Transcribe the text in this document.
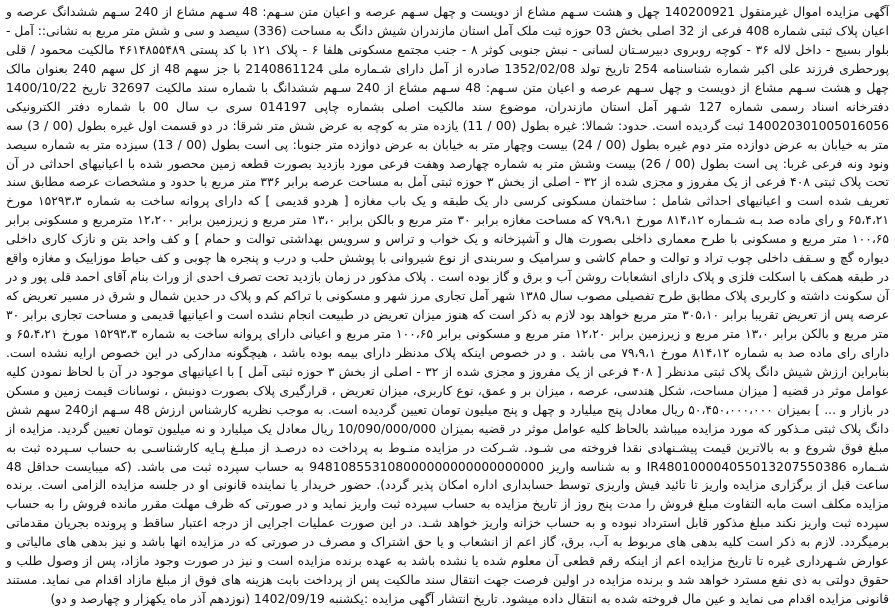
آگهی مزایده اموال غیرمنقول 140200921 چهل و هشت سـهم مشاع از دویست و چهل سـهم عرصه و اعیان متن سـهم: 48 سـهم مشاع از 240 سـهم ششدانگ عرصه و اعیان پلاک ثبتی شماره 408 فرعی از 32 اصلی بخش 03 حوزه ثبت ملک آمل استان مازندران شیش دانگ به مساحت (336) سیصد و سی و شش متر مربع به نشانی:: آمل - بلوار بسیج - داخل لاله ۳۶ - کوچه روبروی دبیرسـتان لسانی - نبش جنوبی کوثر ۸ - جنب مجتمع مسکونی هلفا ۶ - پلاک ۱۲۱ با کد پستی ۴۶۱۴۸۵۵۴۸۹ مالکیت محمود / قلی پورحطری فرزند علی اکبر شماره شناسنامه 254 تاریخ تولد 1352/02/08 صادره از آمل دارای شـماره ملی 2140861124 با جز سهم 48 از کل سهم 240 بعنوان مالک چهل و هشت سـهم مشاع از دویست و چهل سـهم عرصه و اعیان متن سـهم: 48 سـهم مشاع از 240 سـهم ششدانگ با شماره سند مالکیت 32697 تاریخ 1400/10/22 دفترخانه اسناد رسمی شماره 127 شـهر آمل استان مازندران، موضوع سند مالکیت اصلی بشماره چاپی 014197 سری ب سال 00 با شماره دفتر الکترونیکی 140020301005016056 ثبت گردیده است. حدود: شمالا: غیره بطول (00 / 11) یازده متر به کوچه به عرض شش متر شرقا: در دو قسمت اول غیره بطول (00 / 3) سه متر به خیابان به عرض دوازده متر دوم غیره بطول (00 / 24) بیست وچهار متر به خیابان به عرض دوازده متر جنوبا: پی است بطول (00 / 13) سیزده متر به شماره سیصد ونود ونه فرعی غربا: پی است بطول (00 / 26) بیست وشش متر به شماره چهارصد وهفت فرعی مورد بازدید بصورت قطعه زمین محصور شده با اعیانیهای احداثی در آن تحت پلاک ثبتی ۴۰۸ فرعی از یک مفروز و مجزی شده از ۳۲ - اصلی از بخش ۳ حوزه ثبتی آمل به مساحت عرصه برابر ۳۳۶ متر مربع با حدود و مشخصات عرصه مطابق سند تعریف شده است و اعیانیهای احداثی شامل : ساختمان مسکونی کرسی دار یک طبقه و یک باب مغازه [ هردو قدیمی ] که دارای پروانه ساخت به شماره ۱۵۲۹۳،۳ مورخ ۶۵،۴،۲۱ و رای ماده صد بـه شـماره ۸۱۴،۱۲ مورخ ۷۹،۹،۱ که مساحت مغازه برابر ۳۰ متر مربع و بالکن برابر ۱۳،۰ متر مربع و زیرزمین برابر ۱۲،۲۰۰ مترمربع و مسکونی برابر ۱۰۰،۶۵ متر مربع و مسکونی با طرح معماری داخلی بصورت هال و آشپزخانه و یک خواب و تراس و سرویس بهداشتی توالت و حمام ] و کف واحد بتن و نازک کاری داخلی دیواره گچ و سـقف داخلی چوب تراد و توالت و حمام کاشی و سرامیک و سربندی از نوع شیروانی با پوشش حلب و درب و پنجره ها چوبی و کف حیاط موزاییک و مغازه واقع در طبقه همکف با اسکلت فلزی و پلاک دارای انشعابات روشن آب و برق و گاز بوده است . پلاک مذکور در زمان بازدید تحت تصرف احدی از وراث بنام آقای احمد قلی پور و در آن سکونت داشته و کاربری پلاک مطابق طرح تفصیلی مصوب سال ۱۳۸۵ شهر آمل تجاری مرز شهر و مسکونی با تراکم کم و پلاک در حدین شمال و شرق در مسیر تعریض که عرصه پس از تعریض تقریبا برابر ۳۰۵،۱۰ متر مربع خواهد بود لازم به ذکر است که هنوز میزان تعریض در طبیعت انجام نشده است و اعیانیها قدیمی و مساحت تجاری برابر ۳۰ متر مربع و بالکن برابر ۱۳،۰ متر مربع و زیرزمین برابر ۱۲،۲۰ متر مربع و مسکونی برابر ۱۰۰،۶۵ متر مربع و اعیانی دارای پروانه ساخت به شماره ۱۵۲۹۳،۳ مورخ ۶۵،۴،۲۱ و دارای رای ماده صد به شماره ۸۱۴،۱۲ مورخ ۷۹،۹،۱ می باشد . و در خصوص اینکه پلاک مدنظر دارای بیمه بوده باشد ، هیچگونه مدارکی در این خصوص ارایه نشده است. بنابراین ارزش شیش دانگ پلاک ثبتی مدنظر [ ۴۰۸ فرعی از یک مفروز و مجزی شده از ۳۲ - اصلی از بخش ۳ حوزه ثبتی آمل ] با اعیانیهای موجود در آن با لحاظ نمودن کلیه عوامل موثر در قضیه [ میزان مساحت، شکل هندسی، عرصه ، میزان بر و عمق، نوع کاربری، میزان تعریض ، قرارگیری پلاک بصورت دونبش ، نوسانات قیمت زمین و مسکن در بازار و ... ] بمیزان ۵۰،۴۵۰،۰۰۰،۰۰۰ ریال معادل پنج میلیارد و چهل و پنج میلیون تومان تعیین گردیده است. به موجب نظریه کارشناس ارزش 48 سـهم از240 سهم شش دانگ پلاک ثبتی مـذکور که مورد مزایده میباشد بالحاظ کلیه عوامل موثر در قضیه بمیزان 10/090/000/000 ریال معادل یک میلیارد و نه میلیون تومان تعیین گردید. مزایده از مبلغ فوق شروع و به بالاترین قیمت پیشـنهادی نقدا فروخته می شـود. شـرکت در مزایده منـوط به پرداخت ده درصـد از مبلـغ پـایه کارشناسـی به حساب سـپرده ثبت به شـماره IR480100004055013207550386 و به شناسه واریز 948108553108000000000000000000 به حساب سپرده ثبت می باشد. (که میبایست حداقل 48 ساعت قبل از برگزاری مزایده واریز تا تائید فیش واریزی توسط حسابداری اداره امکان پذیر گردد). حضور خریدار یا نماینده قانونی او در جلسه مزایده الزامی است. برنده مزایده مکلف است مابه التفاوت مبلغ فروش را مدت پنج روز از تاریخ مزایده به حساب سپرده ثبت واریز نماید و در صورتی که ظرف مهلت مقرر مانده فروش را به حساب سپرده ثبت واریز نکند مبلغ مذکور قابل استرداد نبوده و به حساب خزانه واریز خواهد شـد. در این صورت عملیات اجرایی از درجه اعتبار ساقط و پرونده بجریان مقدماتی برمیگردد. لازم به ذکر است کلیه بدهی های مربوط به آب، برق، گاز اعم از انشعاب و یا حق اشتراک و مصرف در صورتی که در مزایده انها باشد و نیز بدهی های مالیاتی و عوارض شـهرداری غیره تا تاریخ مزایده اعم از اینکه رقم قطعی آن معلوم شده یا نشده باشد به عهده برنده مزایده است و نیز در صورت وجود مازاد، پس از وصول طلب و حقوق دولتی به ذی نفع مسترد خواهد شد و برنده مزایده در اولین فرصت جهت انتقال سند مالکیت پس از پرداخت بابت هزینه های فوق از مبلغ مازاد اقدام می نماید. مستند قانونی مزایده اقدام می نماید و عین مال فروخته شده به انتقال داده میشود. تاریخ انتشار آگهی مزایده :یکشنبه 1402/09/19 (نوزدهم آذر ماه یکهزار و چهارصد و دو)
